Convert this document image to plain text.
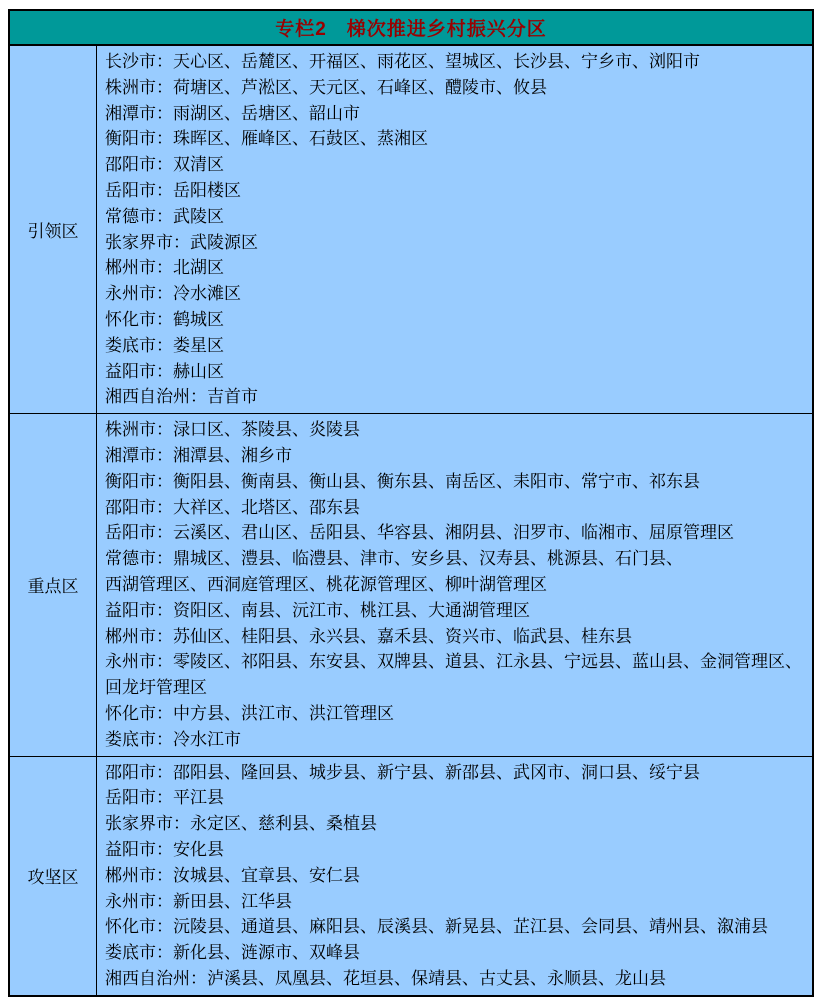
专栏2　梯次推进乡村振兴分区
引领区
长沙市：天心区、岳麓区、开福区、雨花区、望城区、长沙县、宁乡市、浏阳市
株洲市：荷塘区、芦淞区、天元区、石峰区、醴陵市、攸县
湘潭市：雨湖区、岳塘区、韶山市
衡阳市：珠晖区、雁峰区、石鼓区、蒸湘区
邵阳市：双清区
岳阳市：岳阳楼区
常德市：武陵区
张家界市：武陵源区
郴州市：北湖区
永州市：冷水滩区
怀化市：鹤城区
娄底市：娄星区
益阳市：赫山区
湘西自治州：吉首市
重点区
株洲市：渌口区、茶陵县、炎陵县
湘潭市：湘潭县、湘乡市
衡阳市：衡阳县、衡南县、衡山县、衡东县、南岳区、耒阳市、常宁市、祁东县
邵阳市：大祥区、北塔区、邵东县
岳阳市：云溪区、君山区、岳阳县、华容县、湘阴县、汨罗市、临湘市、屈原管理区
常德市：鼎城区、澧县、临澧县、津市、安乡县、汉寿县、桃源县、石门县、
西湖管理区、西洞庭管理区、桃花源管理区、柳叶湖管理区
益阳市：资阳区、南县、沅江市、桃江县、大通湖管理区
郴州市：苏仙区、桂阳县、永兴县、嘉禾县、资兴市、临武县、桂东县
永州市：零陵区、祁阳县、东安县、双牌县、道县、江永县、宁远县、蓝山县、金洞管理区、
回龙圩管理区
怀化市：中方县、洪江市、洪江管理区
娄底市：冷水江市
攻坚区
邵阳市：邵阳县、隆回县、城步县、新宁县、新邵县、武冈市、洞口县、绥宁县
岳阳市：平江县
张家界市：永定区、慈利县、桑植县
益阳市：安化县
郴州市：汝城县、宜章县、安仁县
永州市：新田县、江华县
怀化市：沅陵县、通道县、麻阳县、辰溪县、新晃县、芷江县、会同县、靖州县、溆浦县
娄底市：新化县、涟源市、双峰县
湘西自治州：泸溪县、凤凰县、花垣县、保靖县、古丈县、永顺县、龙山县
